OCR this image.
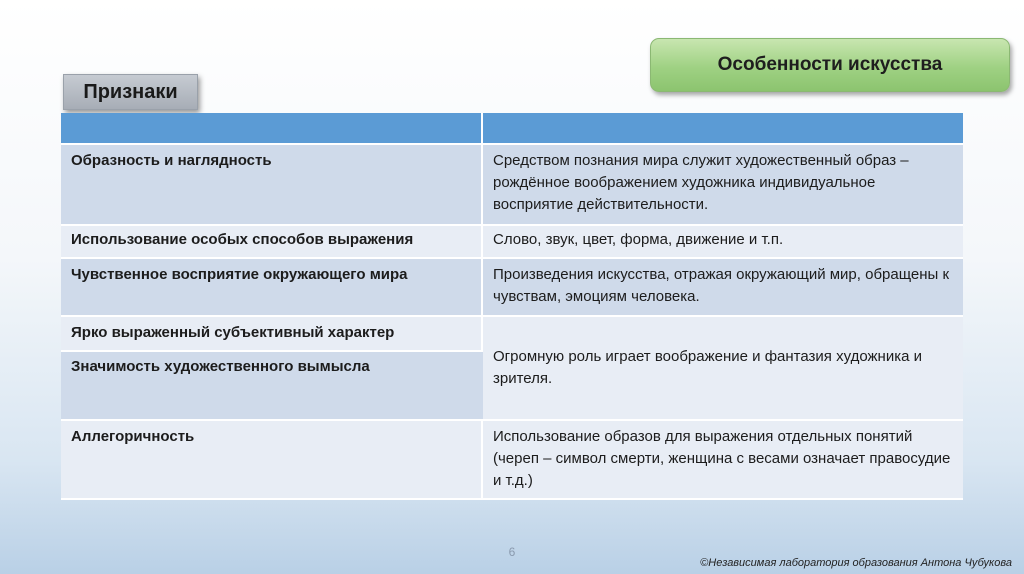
Особенности искусства
Признаки

Образность и наглядность	Средством познания мира служит художественный образ – рождённое воображением художника индивидуальное восприятие действительности.
Использование особых способов выражения	Слово, звук, цвет, форма, движение и т.п.
Чувственное восприятие окружающего мира	Произведения искусства, отражая окружающий мир, обращены к чувствам, эмоциям человека.
Ярко выраженный субъективный характер	Огромную роль играет воображение и фантазия художника и зрителя.
Значимость художественного вымысла	
Аллегоричность	Использование образов для выражения отдельных понятий (череп – символ смерти, женщина с весами означает правосудие и т.д.)
6
©Независимая лаборатория образования Антона Чубукова
